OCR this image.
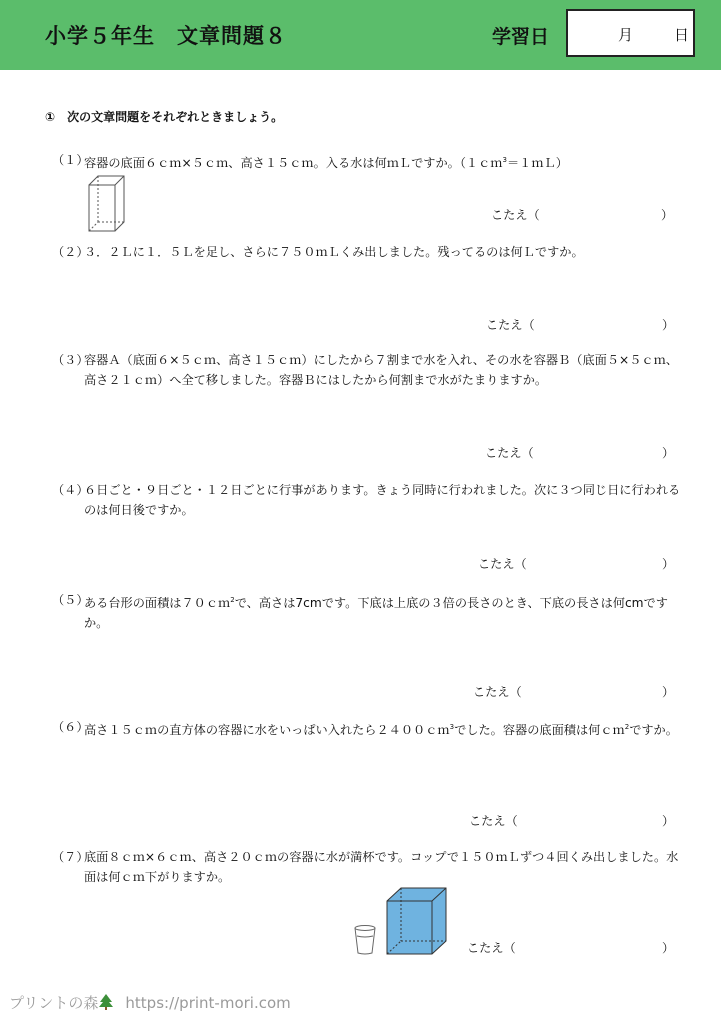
小学５年生　文章問題８	学習日	月	日
①　次の文章問題をそれぞれときましょう。
（１）
容器の底面６ｃｍ×５ｃｍ、高さ１５ｃｍ。入る水は何ｍＬですか。（１ｃｍ$^3$＝１ｍＬ）
こたえ（	）
（２）
３．２Ｌに１．５Ｌを足し、さらに７５０ｍＬくみ出しました。残ってるのは何Ｌですか。
こたえ（	）
（３）
容器Ａ（底面６×５ｃｍ、高さ１５ｃｍ）にしたから７割まで水を入れ、その水を容器Ｂ（底面５×５ｃｍ、高さ２１ｃｍ）へ全て移しました。容器Ｂにはしたから何割まで水がたまりますか。
こたえ（	）
（４）
６日ごと・９日ごと・１２日ごとに行事があります。きょう同時に行われました。次に３つ同じ日に行われるのは何日後ですか。
こたえ（	）
（５）
ある台形の面積は７０ｃｍ$^2$で、高さは7cmです。下底は上底の３倍の長さのとき、下底の長さは何cmですか。
こたえ（	）
（６）
高さ１５ｃｍの直方体の容器に水をいっぱい入れたら２４００ｃｍ$^3$でした。容器の底面積は何ｃｍ$^2$ですか。
こたえ（	）
（７）
底面８ｃｍ×６ｃｍ、高さ２０ｃｍの容器に水が満杯です。コップで１５０ｍＬずつ４回くみ出しました。水面は何ｃｍ下がりますか。
こたえ（	）
プリントの森 https://print-mori.com
